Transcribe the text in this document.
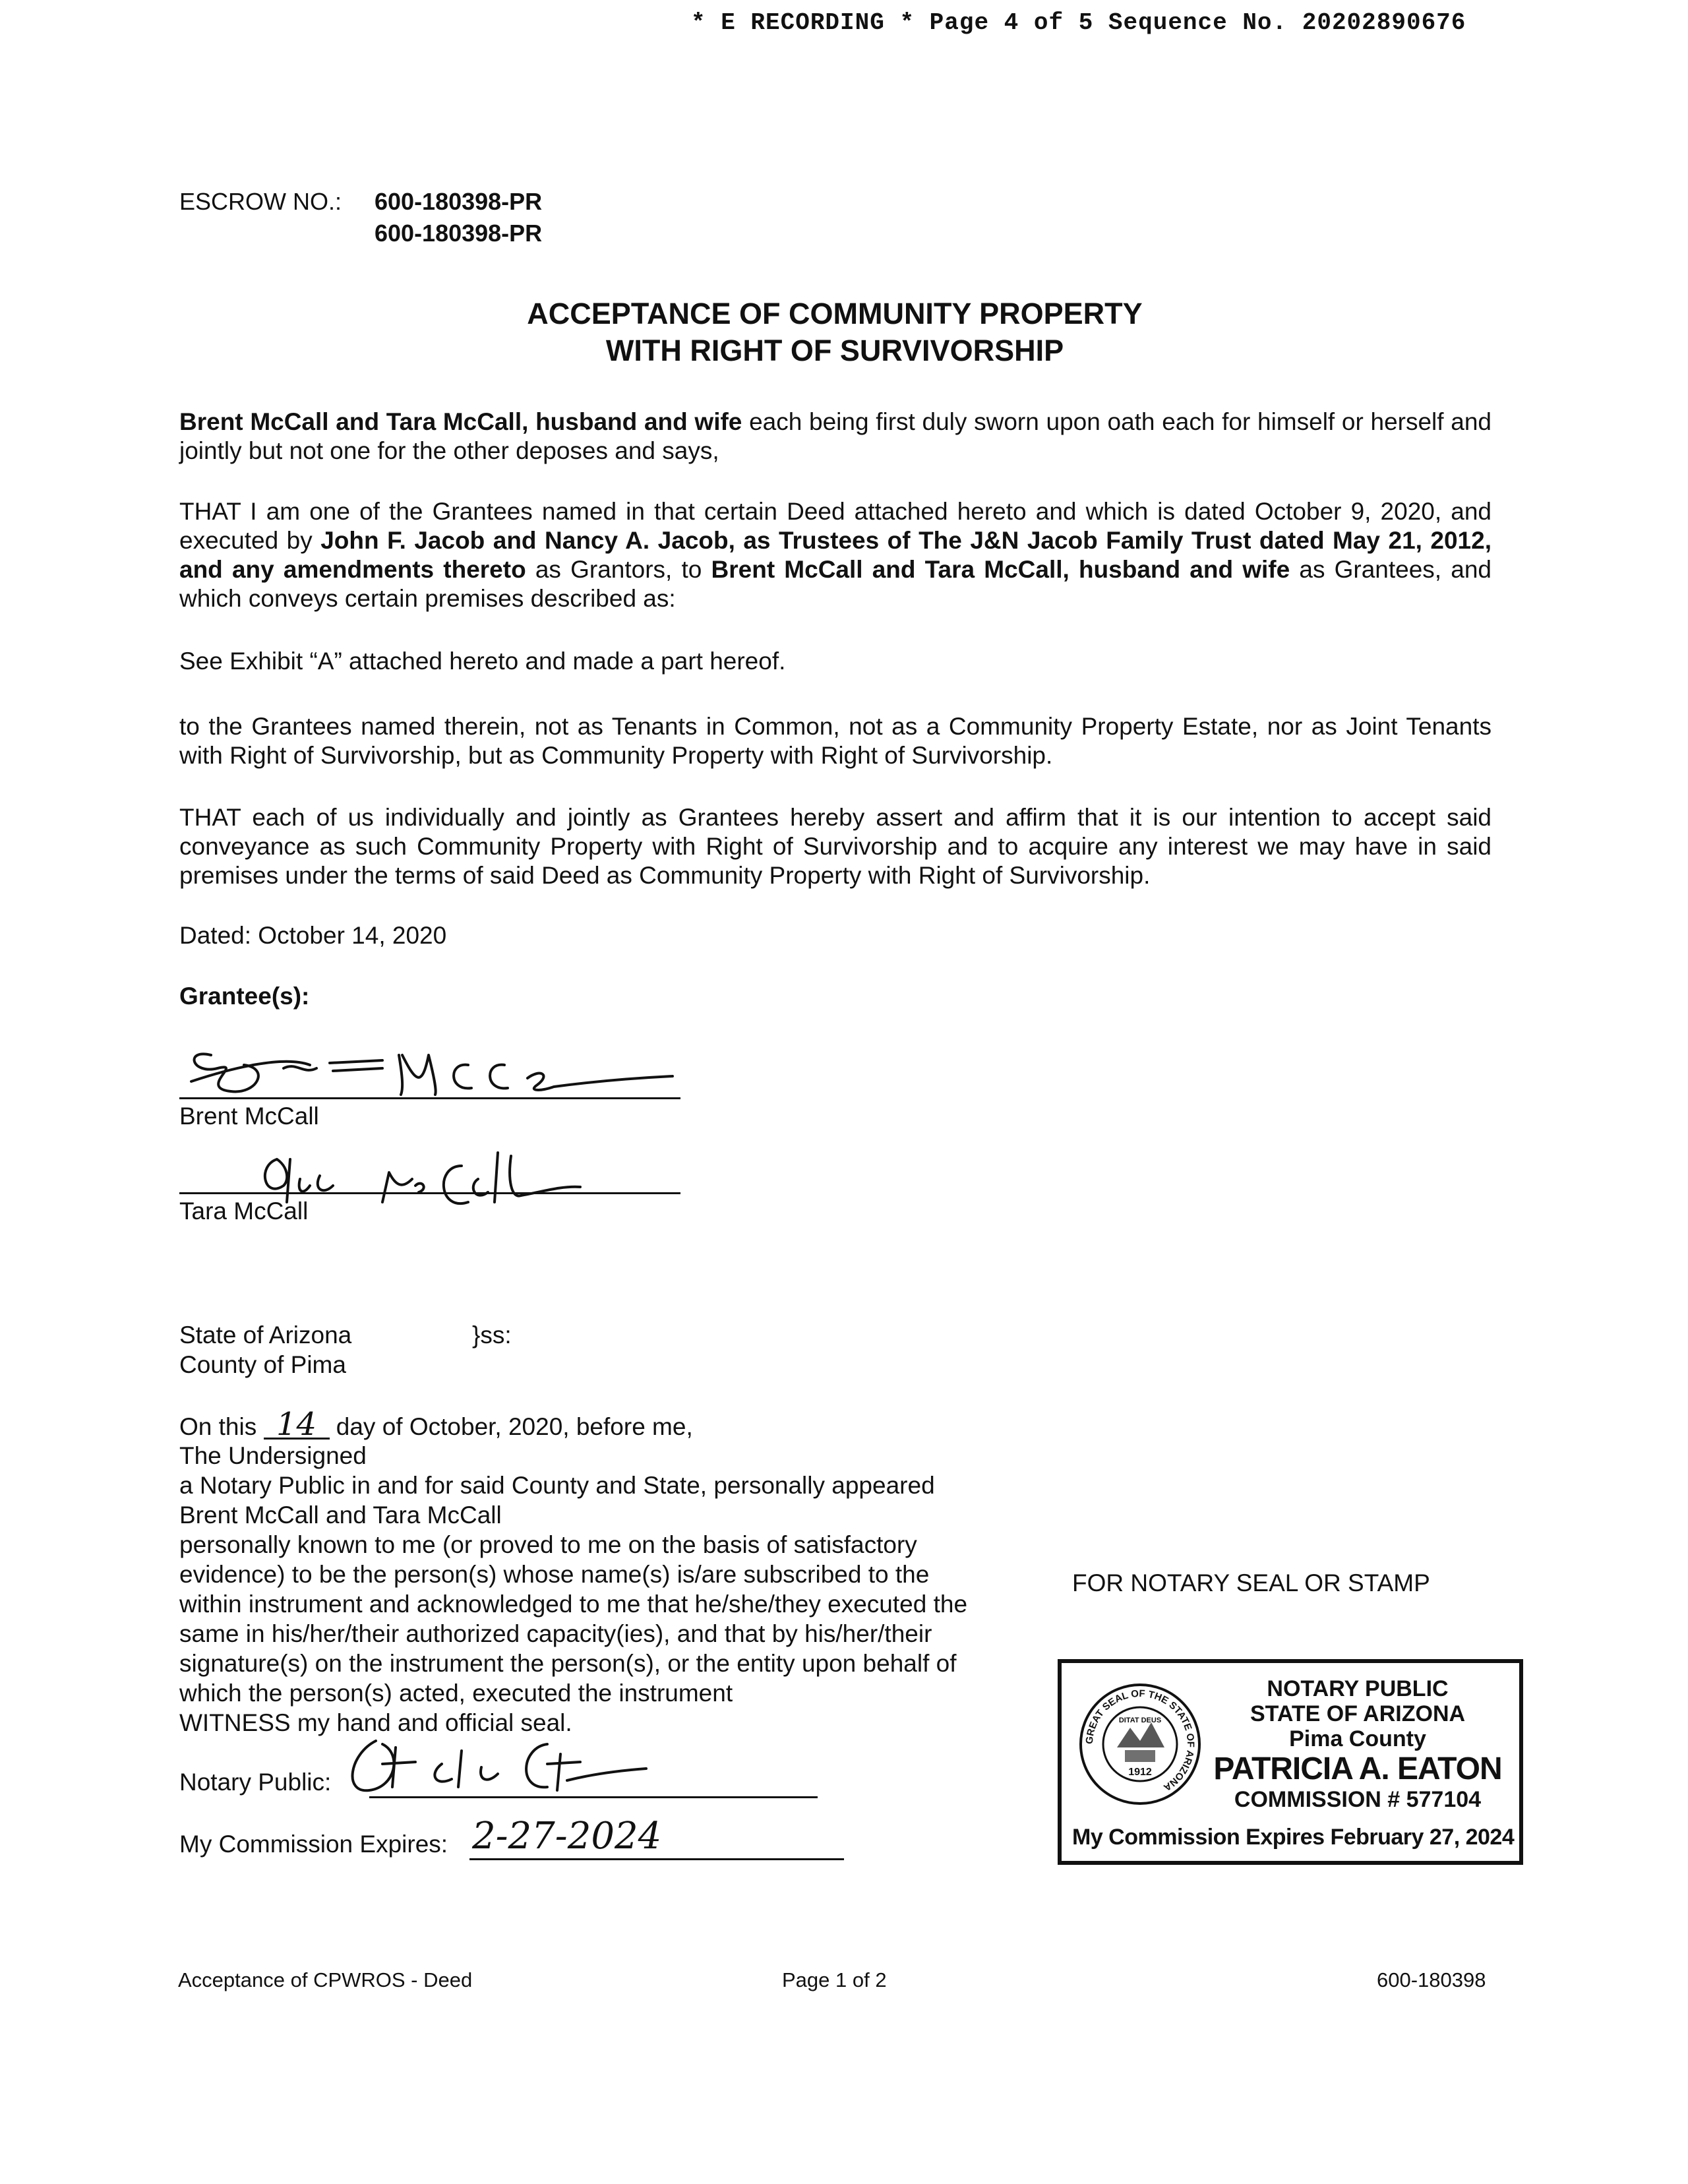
* E RECORDING * Page 4 of 5 Sequence No. 20202890676
ESCROW NO.: 600-180398-PR
600-180398-PR
ACCEPTANCE OF COMMUNITY PROPERTY
WITH RIGHT OF SURVIVORSHIP
Brent McCall and Tara McCall, husband and wife each being first duly sworn upon oath each for himself or herself and jointly but not one for the other deposes and says,
THAT I am one of the Grantees named in that certain Deed attached hereto and which is dated October 9, 2020, and executed by John F. Jacob and Nancy A. Jacob, as Trustees of The J&N Jacob Family Trust dated May 21, 2012, and any amendments thereto as Grantors, to Brent McCall and Tara McCall, husband and wife as Grantees, and which conveys certain premises described as:
See Exhibit “A” attached hereto and made a part hereof.
to the Grantees named therein, not as Tenants in Common, not as a Community Property Estate, nor as Joint Tenants with Right of Survivorship, but as Community Property with Right of Survivorship.
THAT each of us individually and jointly as Grantees hereby assert and affirm that it is our intention to accept said conveyance as such Community Property with Right of Survivorship and to acquire any interest we may have in said premises under the terms of said Deed as Community Property with Right of Survivorship.
Dated: October 14, 2020
Grantee(s):
Brent McCall
Tara McCall
State of Arizona	}ss:
County of Pima
On this 14 day of October, 2020, before me,
The Undersigned
a Notary Public in and for said County and State, personally appeared
Brent McCall and Tara McCall
personally known to me (or proved to me on the basis of satisfactory
evidence) to be the person(s) whose name(s) is/are subscribed to the
within instrument and acknowledged to me that he/she/they executed the
same in his/her/their authorized capacity(ies), and that by his/her/their
signature(s) on the instrument the person(s), or the entity upon behalf of
which the person(s) acted, executed the instrument
WITNESS my hand and official seal.
Notary Public:
My Commission Expires: 2-27-2024
FOR NOTARY SEAL OR STAMP
GREAT SEAL OF THE STATE OF ARIZONA
DITAT DEUS
1912
NOTARY PUBLIC
STATE OF ARIZONA
Pima County
PATRICIA A. EATON
COMMISSION # 577104
My Commission Expires February 27, 2024
Acceptance of CPWROS - Deed	Page 1 of 2	600-180398
